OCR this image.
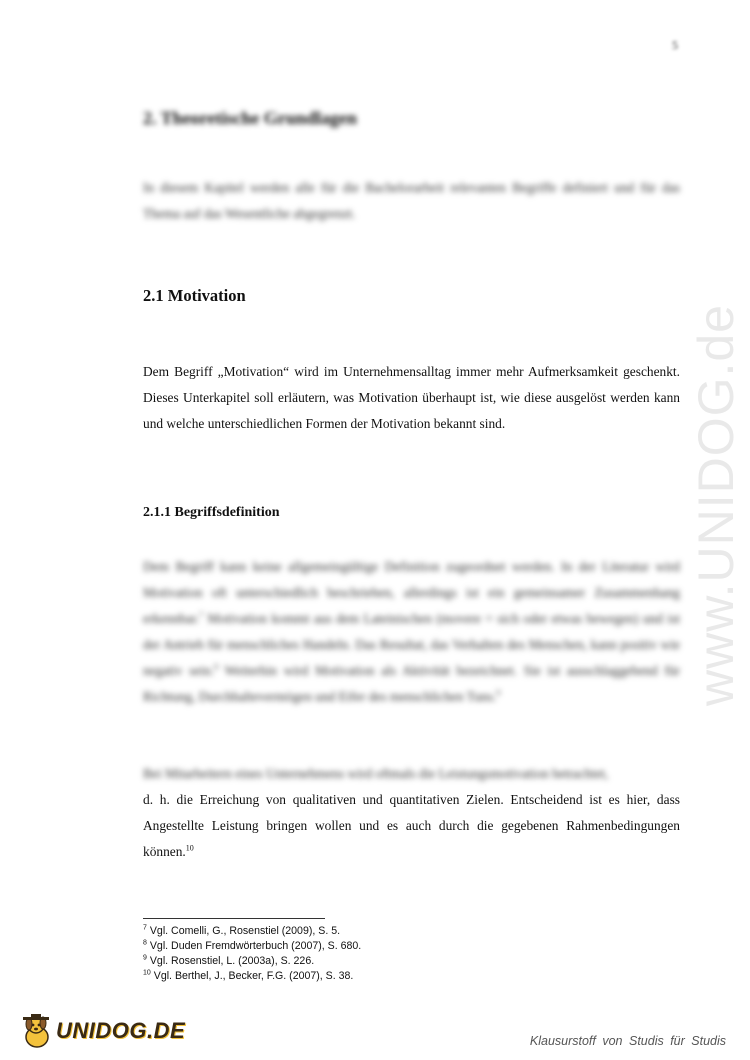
5
2. Theoretische Grundlagen
In diesem Kapitel werden alle für die Bachelorarbeit relevanten Begriffe definiert und für das Thema auf das Wesentliche abgegrenzt.
2.1 Motivation
Dem Begriff „Motivation“ wird im Unternehmensalltag immer mehr Aufmerksamkeit geschenkt. Dieses Unterkapitel soll erläutern, was Motivation überhaupt ist, wie diese ausgelöst werden kann und welche unterschiedlichen Formen der Motivation bekannt sind.
2.1.1 Begriffsdefinition
Dem Begriff kann keine allgemeingültige Definition zugeordnet werden. In der Literatur wird Motivation oft unterschiedlich beschrieben, allerdings ist ein gemeinsamer Zusammenhang erkennbar.$^7$ Motivation kommt aus dem Lateinischen (movere = sich oder etwas bewegen) und ist der Antrieb für menschliches Handeln. Das Resultat, das Verhalten des Menschen, kann positiv wie negativ sein.$^8$ Weiterhin wird Motivation als Aktivität bezeichnet. Sie ist ausschlaggebend für Richtung, Durchhaltevermögen und Eifer des menschlichen Tuns.$^9$
Bei Mitarbeitern eines Unternehmens wird oftmals die Leistungsmotivation betrachtet,
d. h. die Erreichung von qualitativen und quantitativen Zielen. Entscheidend ist es hier, dass Angestellte Leistung bringen wollen und es auch durch die gegebenen Rahmenbedingungen können.$^{10}$
$^7$ Vgl. Comelli, G., Rosenstiel (2009), S. 5.
$^8$ Vgl. Duden Fremdwörterbuch (2007), S. 680.
$^9$ Vgl. Rosenstiel, L. (2003a), S. 226.
$^{10}$ Vgl. Berthel, J., Becker, F.G. (2007), S. 38.
www.UNIDOG.de
UNIDOG.DE	Klausurstoff von Studis für Studis
